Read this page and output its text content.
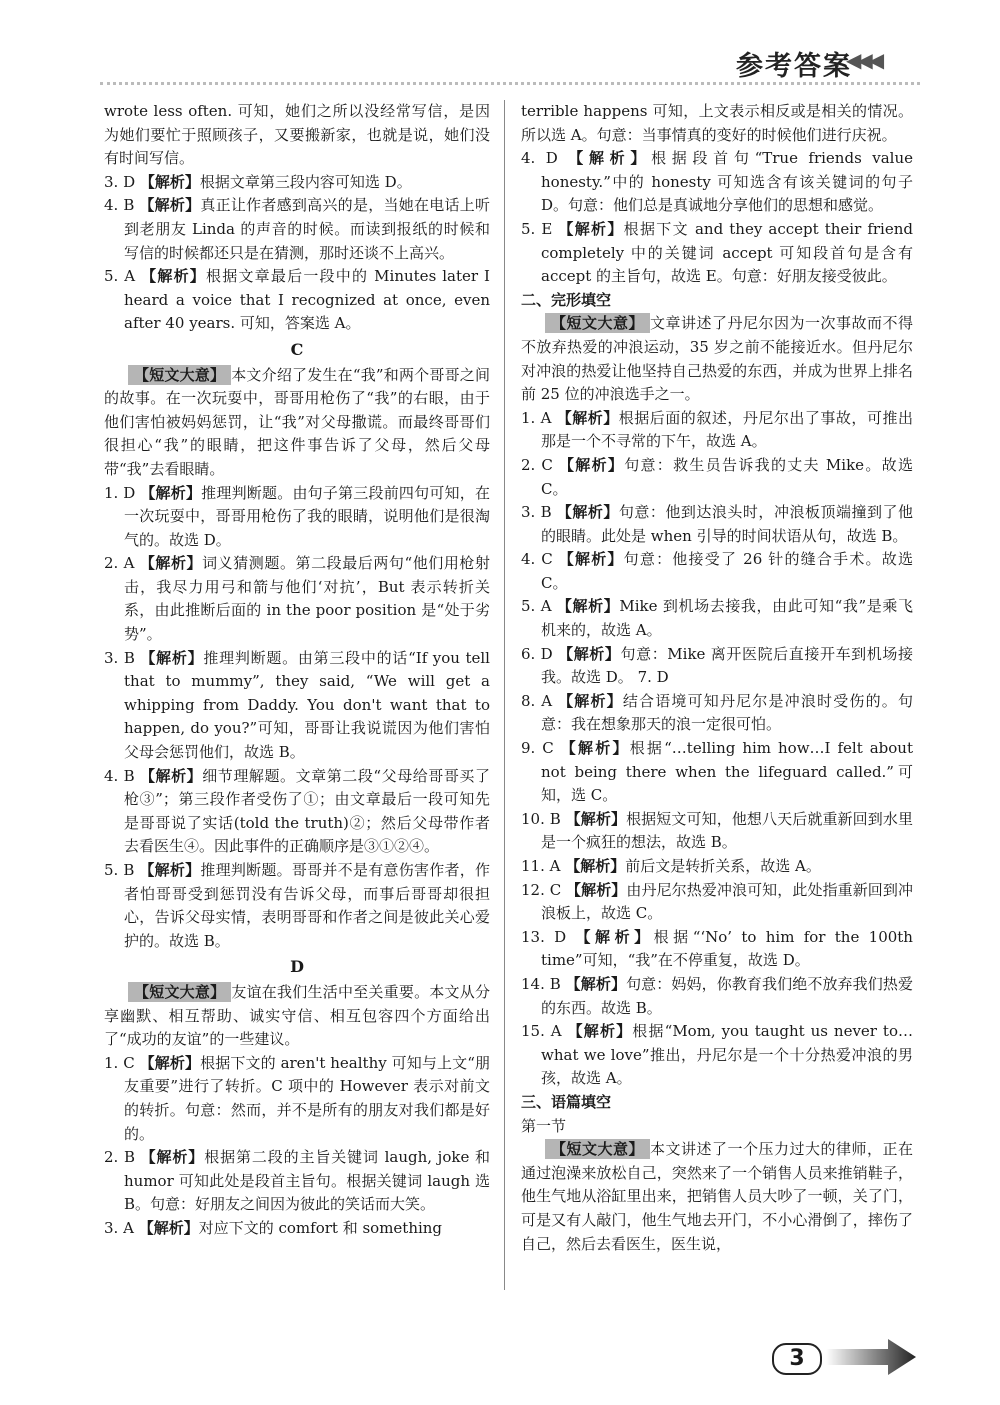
参考答案
◀◀◀

wrote less often. 可知，她们之所以没经常写信，是因为她们要忙于照顾孩子，又要搬新家，也就是说，她们没有时间写信。

3. D 【解析】根据文章第三段内容可知选 D。

4. B 【解析】真正让作者感到高兴的是，当她在电话上听到老朋友 Linda 的声音的时候。而读到报纸的时候和写信的时候都还只是在猜测，那时还谈不上高兴。

5. A 【解析】根据文章最后一段中的 Minutes later I heard a voice that I recognized at once, even after 40 years. 可知，答案选 A。

C

【短文大意】 本文介绍了发生在“我”和两个哥哥之间的故事。在一次玩耍中，哥哥用枪伤了“我”的右眼，由于他们害怕被妈妈惩罚，让“我”对父母撒谎。而最终哥哥们很担心“我”的眼睛，把这件事告诉了父母，然后父母带“我”去看眼睛。

1. D 【解析】推理判断题。由句子第三段前四句可知，在一次玩耍中，哥哥用枪伤了我的眼睛，说明他们是很淘气的。故选 D。

2. A 【解析】词义猜测题。第二段最后两句“他们用枪射击，我尽力用弓和箭与他们‘对抗’，But 表示转折关系，由此推断后面的 in the poor position 是“处于劣势”。

3. B 【解析】推理判断题。由第三段中的话“If you tell that to mummy”, they said, “We will get a whipping from Daddy. You don't want that to happen, do you?”可知，哥哥让我说谎因为他们害怕父母会惩罚他们，故选 B。

4. B 【解析】细节理解题。文章第二段“父母给哥哥买了枪③”；第三段作者受伤了①；由文章最后一段可知先是哥哥说了实话(told the truth)②；然后父母带作者去看医生④。因此事件的正确顺序是③①②④。

5. B 【解析】推理判断题。哥哥并不是有意伤害作者，作者怕哥哥受到惩罚没有告诉父母，而事后哥哥却很担心，告诉父母实情，表明哥哥和作者之间是彼此关心爱护的。故选 B。

D

【短文大意】 友谊在我们生活中至关重要。本文从分享幽默、相互帮助、诚实守信、相互包容四个方面给出了“成功的友谊”的一些建议。

1. C 【解析】根据下文的 aren't healthy 可知与上文“朋友重要”进行了转折。C 项中的 However 表示对前文的转折。句意：然而，并不是所有的朋友对我们都是好的。

2. B 【解析】根据第二段的主旨关键词 laugh, joke 和 humor 可知此处是段首主旨句。根据关键词 laugh 选 B。句意：好朋友之间因为彼此的笑话而大笑。

3. A 【解析】对应下文的 comfort 和 something

terrible happens 可知，上文表示相反或是相关的情况。所以选 A。句意：当事情真的变好的时候他们进行庆祝。

4. D 【解析】根据段首句“True friends value honesty.”中的 honesty 可知选含有该关键词的句子 D。句意：他们总是真诚地分享他们的思想和感觉。

5. E 【解析】根据下文 and they accept their friend completely 中的关键词 accept 可知段首句是含有 accept 的主旨句，故选 E。句意：好朋友接受彼此。

二、完形填空

【短文大意】 文章讲述了丹尼尔因为一次事故而不得不放弃热爱的冲浪运动，35 岁之前不能接近水。但丹尼尔对冲浪的热爱让他坚持自己热爱的东西，并成为世界上排名前 25 位的冲浪选手之一。

1. A 【解析】根据后面的叙述，丹尼尔出了事故，可推出那是一个不寻常的下午，故选 A。

2. C 【解析】句意：救生员告诉我的丈夫 Mike。故选 C。

3. B 【解析】句意：他到达浪头时，冲浪板顶端撞到了他的眼睛。此处是 when 引导的时间状语从句，故选 B。

4. C 【解析】句意：他接受了 26 针的缝合手术。故选 C。

5. A 【解析】Mike 到机场去接我，由此可知“我”是乘飞机来的，故选 A。

6. D 【解析】句意：Mike 离开医院后直接开车到机场接我。故选 D。 7. D

8. A 【解析】结合语境可知丹尼尔是冲浪时受伤的。句意：我在想象那天的浪一定很可怕。

9. C 【解析】根据“…telling him how…I felt about not being there when the lifeguard called.”可知，选 C。

10. B 【解析】根据短文可知，他想八天后就重新回到水里是一个疯狂的想法，故选 B。

11. A 【解析】前后文是转折关系，故选 A。

12. C 【解析】由丹尼尔热爱冲浪可知，此处指重新回到冲浪板上，故选 C。

13. D 【解析】根据“‘No’ to him for the 100th time”可知，“我”在不停重复，故选 D。

14. B 【解析】句意：妈妈，你教育我们绝不放弃我们热爱的东西。故选 B。

15. A 【解析】根据“Mom, you taught us never to…what we love”推出，丹尼尔是一个十分热爱冲浪的男孩，故选 A。

三、语篇填空

第一节

【短文大意】 本文讲述了一个压力过大的律师，正在通过泡澡来放松自己，突然来了一个销售人员来推销鞋子，他生气地从浴缸里出来，把销售人员大吵了一顿，关了门，可是又有人敲门，他生气地去开门，不小心滑倒了，摔伤了自己，然后去看医生，医生说，

3
